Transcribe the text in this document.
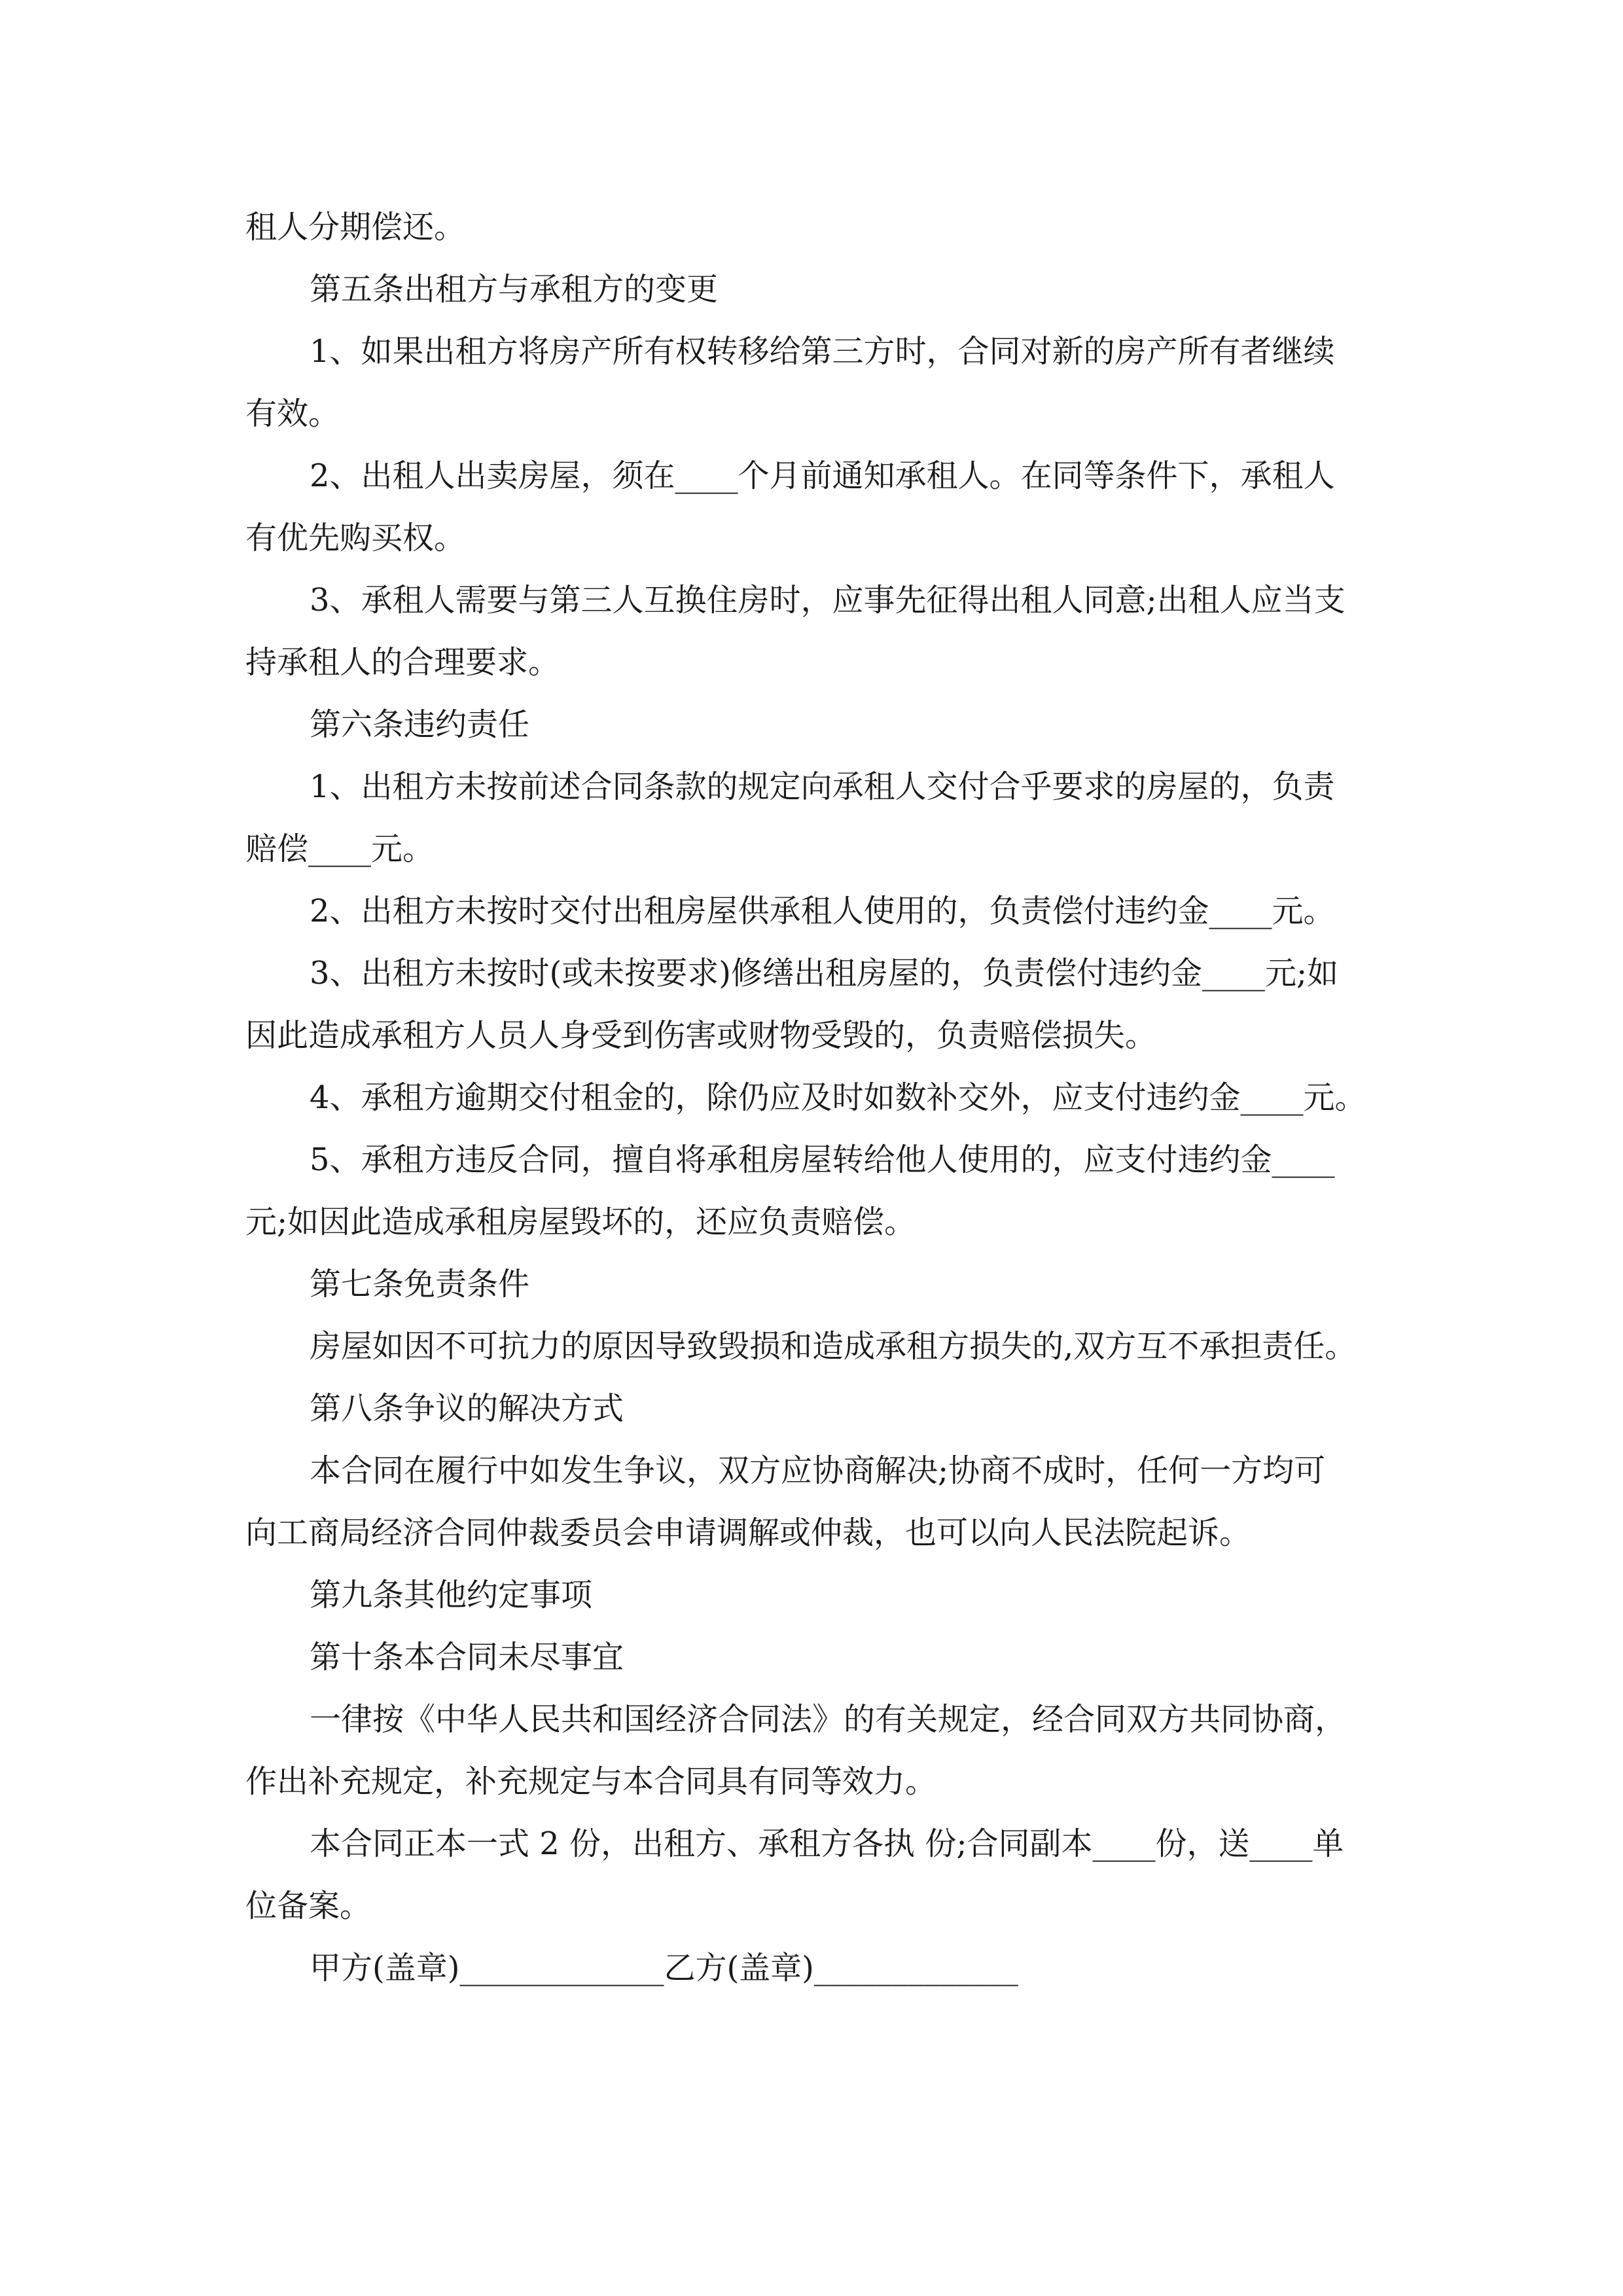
租人分期偿还。

第五条出租方与承租方的变更

1、如果出租方将房产所有权转移给第三方时，合同对新的房产所有者继续

有效。

2、出租人出卖房屋，须在____个月前通知承租人。在同等条件下，承租人

有优先购买权。

3、承租人需要与第三人互换住房时，应事先征得出租人同意;出租人应当支

持承租人的合理要求。

第六条违约责任

1、出租方未按前述合同条款的规定向承租人交付合乎要求的房屋的，负责

赔偿____元。

2、出租方未按时交付出租房屋供承租人使用的，负责偿付违约金____元。

3、出租方未按时(或未按要求)修缮出租房屋的，负责偿付违约金____元;如

因此造成承租方人员人身受到伤害或财物受毁的，负责赔偿损失。

4、承租方逾期交付租金的，除仍应及时如数补交外，应支付违约金____元。

5、承租方违反合同，擅自将承租房屋转给他人使用的，应支付违约金____

元;如因此造成承租房屋毁坏的，还应负责赔偿。

第七条免责条件

房屋如因不可抗力的原因导致毁损和造成承租方损失的,双方互不承担责任。

第八条争议的解决方式

本合同在履行中如发生争议，双方应协商解决;协商不成时，任何一方均可

向工商局经济合同仲裁委员会申请调解或仲裁，也可以向人民法院起诉。

第九条其他约定事项

第十条本合同未尽事宜

一律按《中华人民共和国经济合同法》的有关规定，经合同双方共同协商，

作出补充规定，补充规定与本合同具有同等效力。

本合同正本一式 2 份，出租方、承租方各执 份;合同副本____份，送____单

位备案。

甲方(盖章)_____________乙方(盖章)_____________
